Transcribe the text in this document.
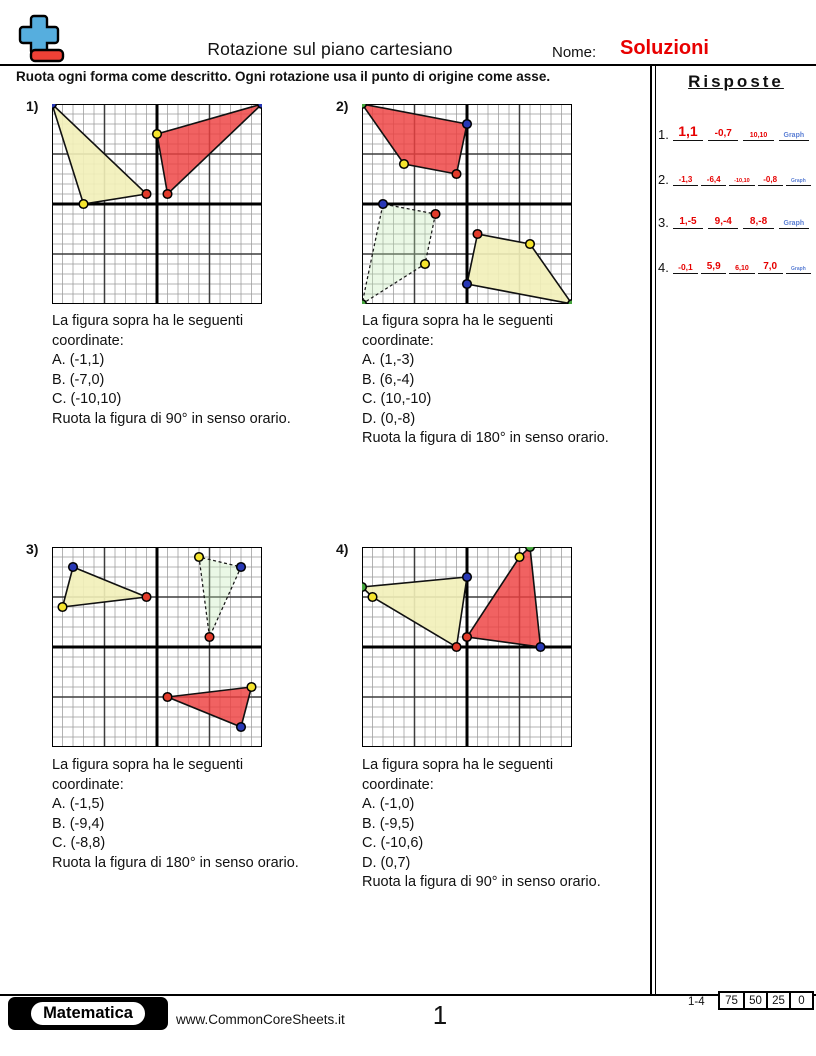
Rotazione sul piano cartesiano	Nome: Soluzioni
Ruota ogni forma come descritto. Ogni rotazione usa il punto di origine come asse.	Risposte
1. 1,1	-0,7	10,10	Graph
2.	-1,3	-6,4	-10,10	-0,8	Graph
3.	1,-5	9,-4	8,-8	Graph
4.	-0,1	5,9	6,10	7,0	Graph
1)
La figura sopra ha le seguenti
coordinate:
A. (-1,1)
B. (-7,0)
C. (-10,10)
Ruota la figura di 90° in senso orario.
2)
La figura sopra ha le seguenti
coordinate:
A. (1,-3)
B. (6,-4)
C. (10,-10)
D. (0,-8)
Ruota la figura di 180° in senso orario.
3)
La figura sopra ha le seguenti
coordinate:
A. (-1,5)
B. (-9,4)
C. (-8,8)
Ruota la figura di 180° in senso orario.
4)
La figura sopra ha le seguenti
coordinate:
A. (-1,0)
B. (-9,5)
C. (-10,6)
D. (0,7)
Ruota la figura di 90° in senso orario.
Matematica	www.CommonCoreSheets.it	1	1-4	75 50 25	0
